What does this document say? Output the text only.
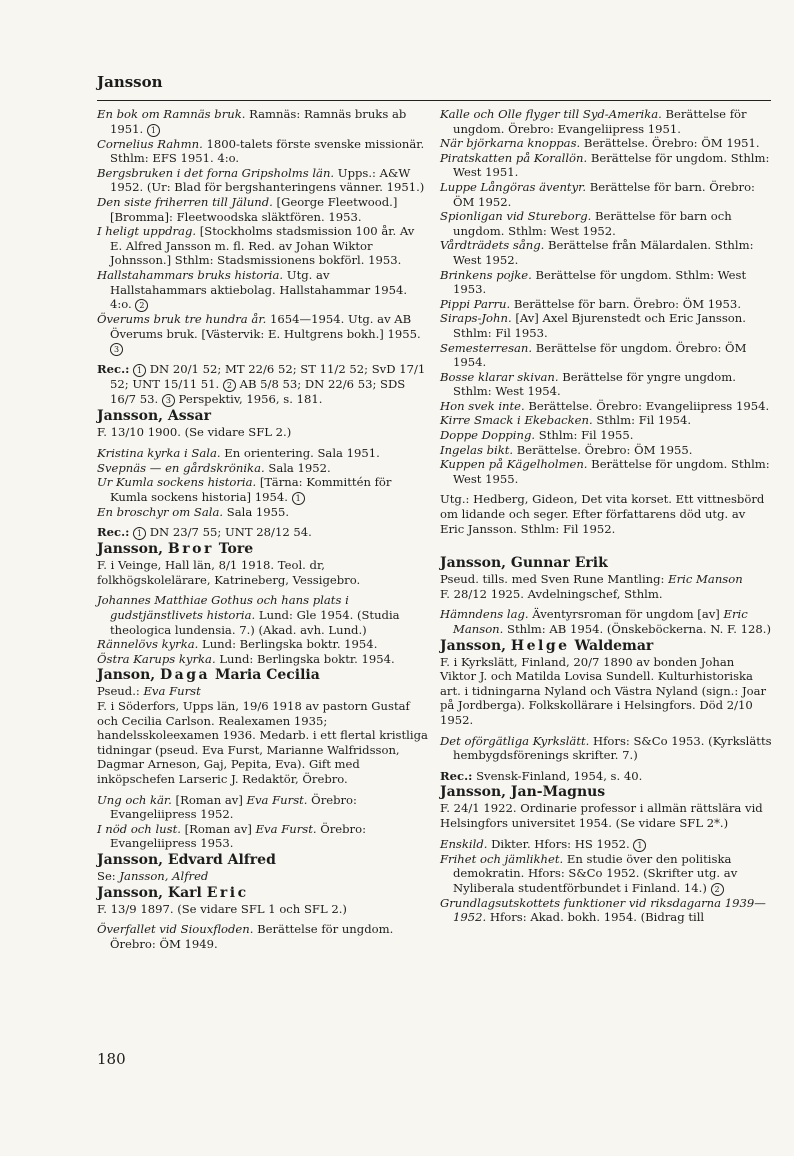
Jansson
En bok om Ramnäs bruk. Ramnäs: Ramnäs bruks ab 1951. 1
Cornelius Rahmn. 1800-talets förste svenske missionär. Sthlm: EFS 1951. 4:o.
Bergsbruken i det forna Gripsholms län. Upps.: A&W 1952. (Ur: Blad för bergshanteringens vänner. 1951.)
Den siste friherren till Jälund. [George Fleetwood.] [Bromma]: Fleetwoodska släktfören. 1953.
I heligt uppdrag. [Stockholms stadsmission 100 år. Av E. Alfred Jansson m. fl. Red. av Johan Wiktor Johnsson.] Sthlm: Stadsmissionens bokförl. 1953.
Hallstahammars bruks historia. Utg. av Hallstahammars aktiebolag. Hallstahammar 1954. 4:o. 2
Överums bruk tre hundra år. 1654—1954. Utg. av AB Överums bruk. [Västervik: E. Hultgrens bokh.] 1955. 3
Rec.: 1 DN 20/1 52; MT 22/6 52; ST 11/2 52; SvD 17/1 52; UNT 15/11 51. 2 AB 5/8 53; DN 22/6 53; SDS 16/7 53. 3 Perspektiv, 1956, s. 181.
Jansson, Assar
F. 13/10 1900. (Se vidare SFL 2.)
Kristina kyrka i Sala. En orientering. Sala 1951.
Svepnäs — en gårdskrönika. Sala 1952.
Ur Kumla sockens historia. [Tärna: Kommittén för Kumla sockens historia] 1954. 1
En broschyr om Sala. Sala 1955.
Rec.: 1 DN 23/7 55; UNT 28/12 54.
Jansson, Bror Tore
F. i Veinge, Hall län, 8/1 1918. Teol. dr, folkhögskolelärare, Katrineberg, Vessigebro.
Johannes Matthiae Gothus och hans plats i gudstjänstlivets historia. Lund: Gle 1954. (Studia theologica lundensia. 7.) (Akad. avh. Lund.)
Rännelövs kyrka. Lund: Berlingska boktr. 1954.
Östra Karups kyrka. Lund: Berlingska boktr. 1954.
Janson, Daga Maria Cecilia
Pseud.: Eva Furst
F. i Söderfors, Upps län, 19/6 1918 av pastorn Gustaf och Cecilia Carlson. Realexamen 1935; handelsskoleexamen 1936. Medarb. i ett flertal kristliga tidningar (pseud. Eva Furst, Marianne Walfridsson, Dagmar Arneson, Gaj, Pepita, Eva). Gift med inköpschefen Larseric J. Redaktör, Örebro.
Ung och kär. [Roman av] Eva Furst. Örebro: Evangeliipress 1952.
I nöd och lust. [Roman av] Eva Furst. Örebro: Evangeliipress 1953.
Jansson, Edvard Alfred
Se: Jansson, Alfred
Jansson, Karl Eric
F. 13/9 1897. (Se vidare SFL 1 och SFL 2.)
Överfallet vid Siouxfloden. Berättelse för ungdom. Örebro: ÖM 1949.
Kalle och Olle flyger till Syd-Amerika. Berättelse för ungdom. Örebro: Evangeliipress 1951.
När björkarna knoppas. Berättelse. Örebro: ÖM 1951.
Piratskatten på Korallön. Berättelse för ungdom. Sthlm: West 1951.
Luppe Långöras äventyr. Berättelse för barn. Örebro: ÖM 1952.
Spionligan vid Stureborg. Berättelse för barn och ungdom. Sthlm: West 1952.
Vårdträdets sång. Berättelse från Mälardalen. Sthlm: West 1952.
Brinkens pojke. Berättelse för ungdom. Sthlm: West 1953.
Pippi Parru. Berättelse för barn. Örebro: ÖM 1953.
Siraps-John. [Av] Axel Bjurenstedt och Eric Jansson. Sthlm: Fil 1953.
Semesterresan. Berättelse för ungdom. Örebro: ÖM 1954.
Bosse klarar skivan. Berättelse för yngre ungdom. Sthlm: West 1954.
Hon svek inte. Berättelse. Örebro: Evangeliipress 1954.
Kirre Smack i Ekebacken. Sthlm: Fil 1954.
Doppe Dopping. Sthlm: Fil 1955.
Ingelas bikt. Berättelse. Örebro: ÖM 1955.
Kuppen på Kägelholmen. Berättelse för ungdom. Sthlm: West 1955.
Utg.: Hedberg, Gideon, Det vita korset. Ett vittnesbörd om lidande och seger. Efter författarens död utg. av Eric Jansson. Sthlm: Fil 1952.
Jansson, Gunnar Erik
Pseud. tills. med Sven Rune Mantling: Eric Manson
F. 28/12 1925. Avdelningschef, Sthlm.
Hämndens lag. Äventyrsroman för ungdom [av] Eric Manson. Sthlm: AB 1954. (Önskeböckerna. N. F. 128.)
Jansson, Helge Waldemar
F. i Kyrkslätt, Finland, 20/7 1890 av bonden Johan Viktor J. och Matilda Lovisa Sundell. Kulturhistoriska art. i tidningarna Nyland och Västra Nyland (sign.: Joar på Jordberga). Folkskollärare i Helsingfors. Död 2/10 1952.
Det oförgätliga Kyrkslätt. Hfors: S&Co 1953. (Kyrkslätts hembygdsförenings skrifter. 7.)
Rec.: Svensk-Finland, 1954, s. 40.
Jansson, Jan-Magnus
F. 24/1 1922. Ordinarie professor i allmän rättslära vid Helsingfors universitet 1954. (Se vidare SFL 2*.)
Enskild. Dikter. Hfors: HS 1952. 1
Frihet och jämlikhet. En studie över den politiska demokratin. Hfors: S&Co 1952. (Skrifter utg. av Nyliberala studentförbundet i Finland. 14.) 2
Grundlagsutskottets funktioner vid riksdagarna 1939—1952. Hfors: Akad. bokh. 1954. (Bidrag till
180
